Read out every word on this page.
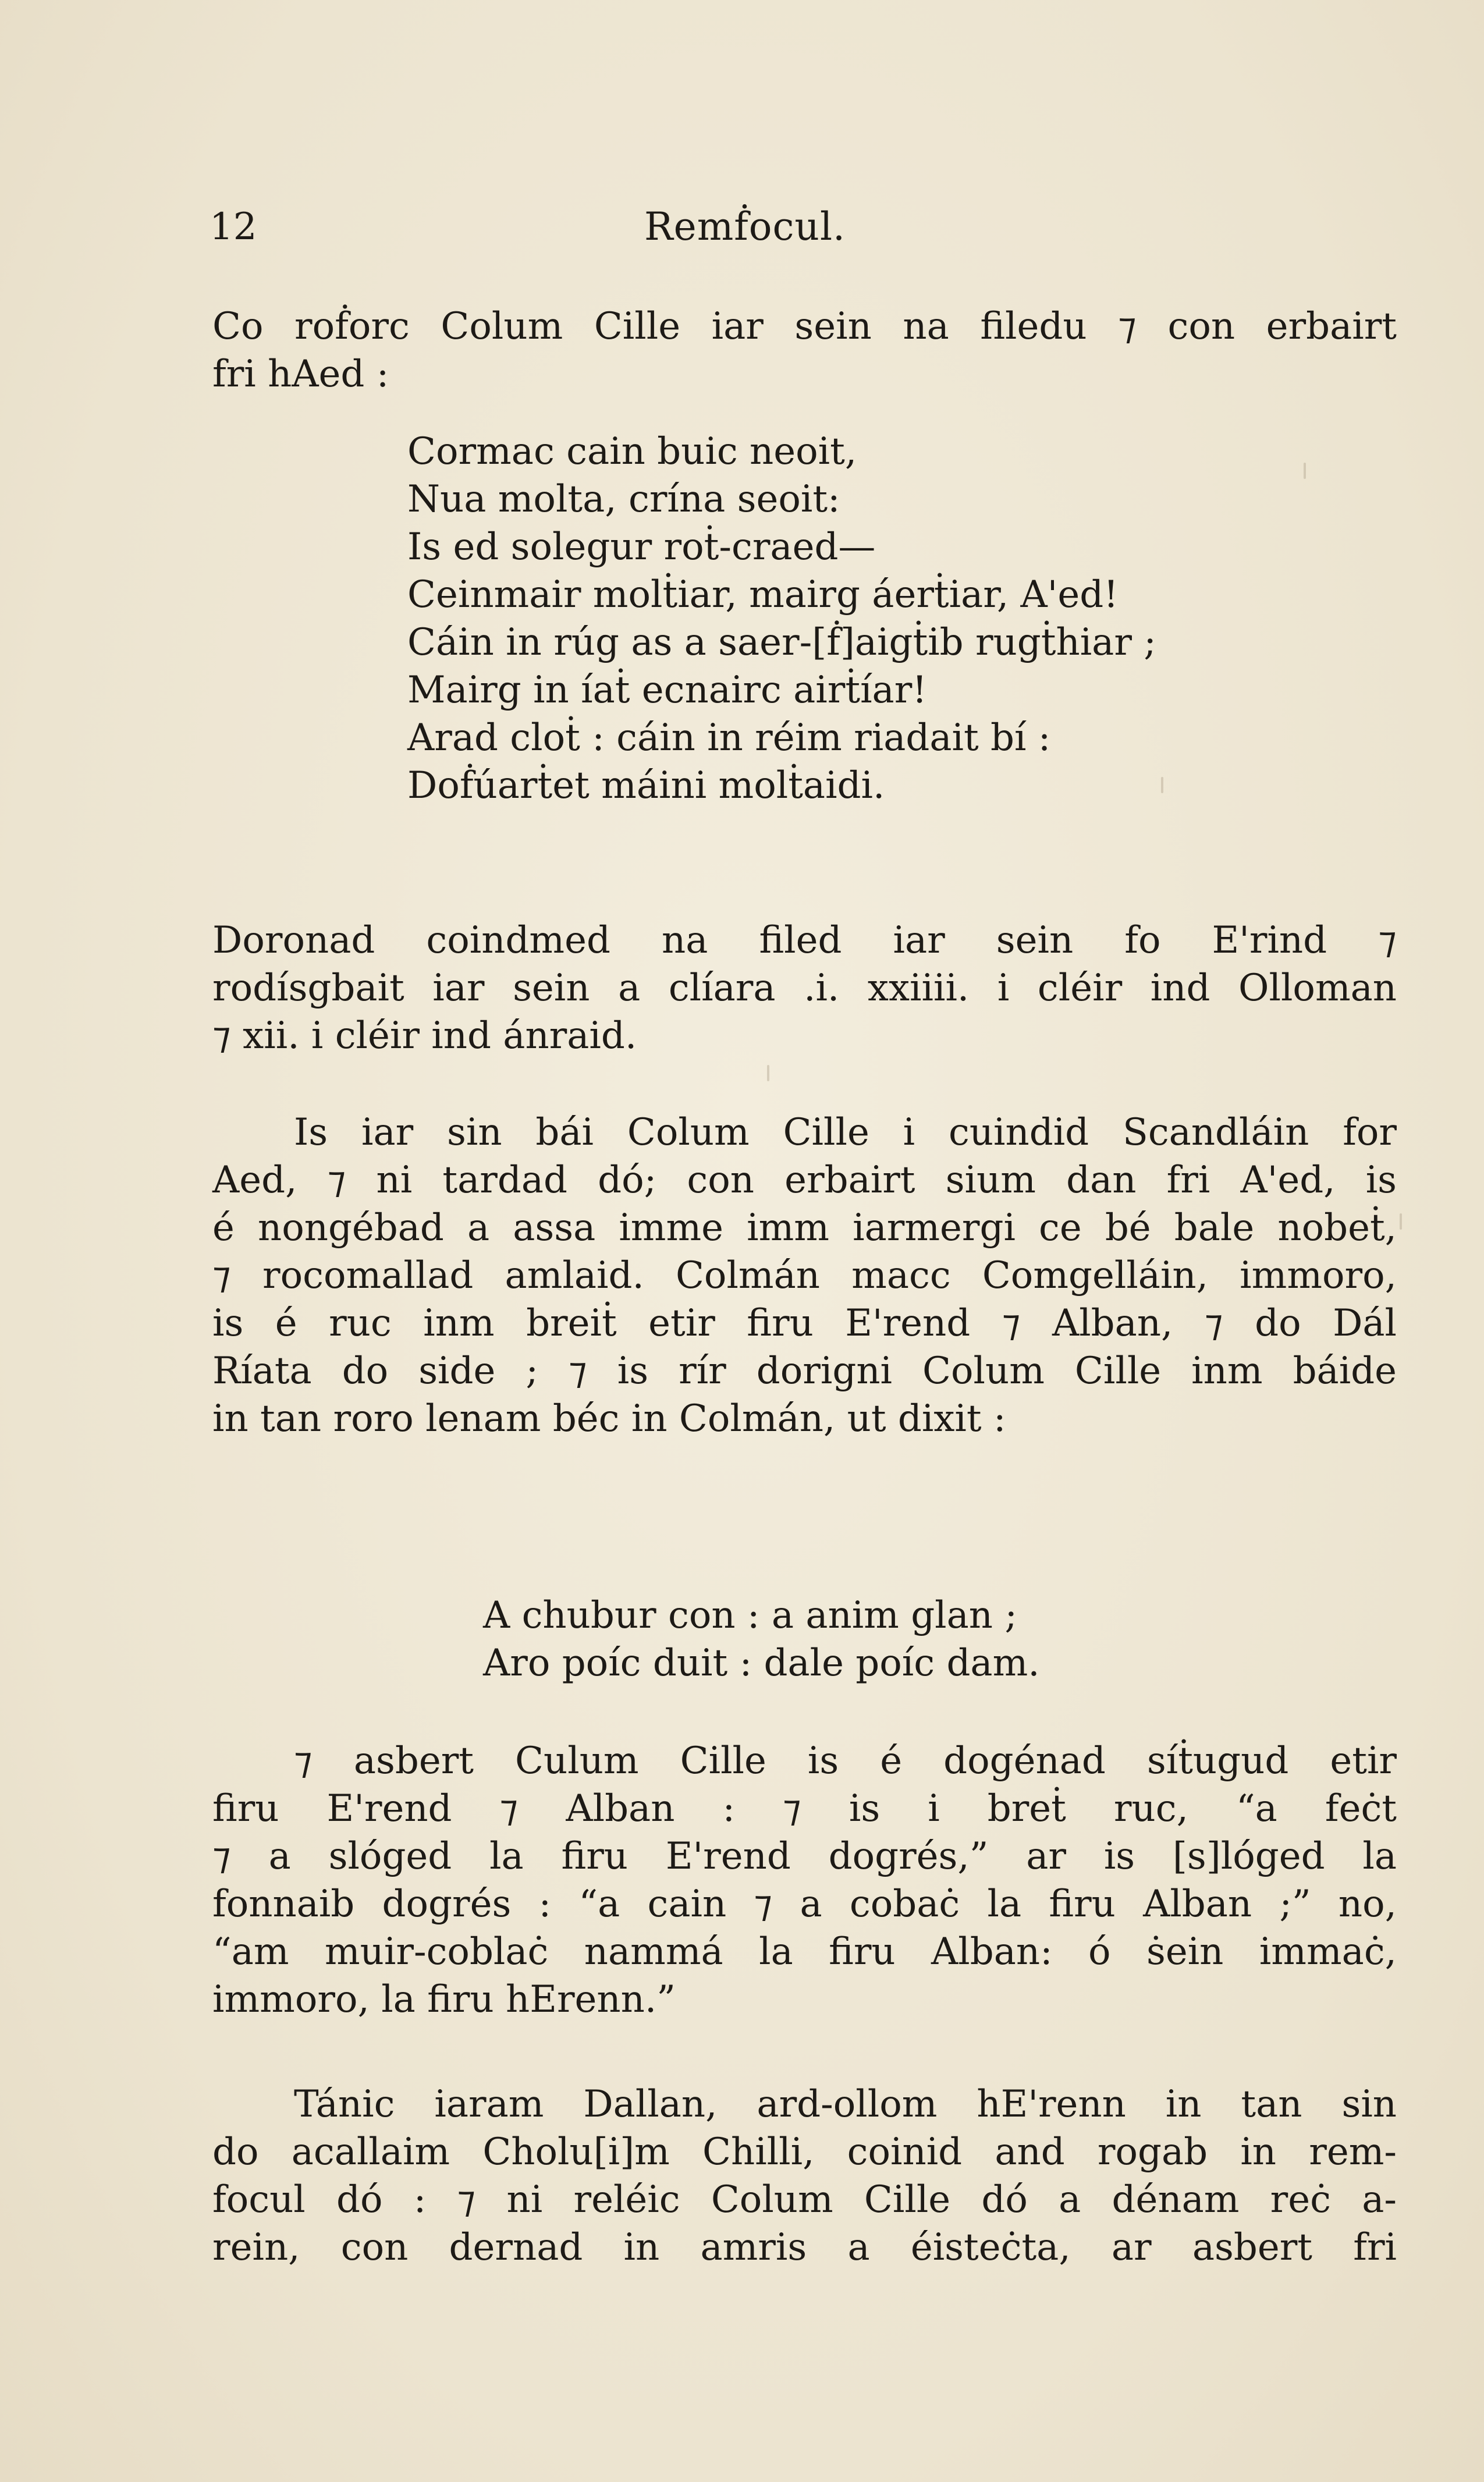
12	Remḟocul.
Co roḟorc Colum Cille iar sein na filedu ⁊ con erbairt
fri hAed :
Cormac cain buic neoit,
Nua molta, crína seoit:
Is ed solegur roṫ-craed—
Ceinmair molṫiar, mairg áerṫiar, A'ed!
Cáin in rúg as a saer-[ḟ]aigṫib rugṫhiar ;
Mairg in íaṫ ecnairc airṫíar!
Arad cloṫ : cáin in réim riadait bí :
Doḟúarṫet máini molṫaidi.
Doronad coindmed na filed iar sein fo E'rind ⁊
rodísgbait iar sein a clíara .i. xxiiii. i cléir ind Olloman
⁊ xii. i cléir ind ánraid.
Is iar sin bái Colum Cille i cuindid Scandláin for
Aed, ⁊ ni tardad dó; con erbairt sium dan fri A'ed, is
é nongébad a assa imme imm iarmergi ce bé bale nobeṫ,
⁊ rocomallad amlaid. Colmán macc Comgelláin, immoro,
is é ruc inm breiṫ etir firu E'rend ⁊ Alban, ⁊ do Dál
Ríata do side ; ⁊ is rír dorigni Colum Cille inm báide
in tan roro lenam béc in Colmán, ut dixit :
A chubur con : a anim glan ;
Aro poíc duit : dale poíc dam.
⁊ asbert Culum Cille is é dogénad síṫugud etir
firu E'rend ⁊ Alban : ⁊ is i breṫ ruc, “a feċt
⁊ a slóged la firu E'rend dogrés,” ar is [s]lóged la
fonnaib dogrés : “a cain ⁊ a cobaċ la firu Alban ;” no,
“am muir-coblaċ nammá la firu Alban: ó ṡein immaċ,
immoro, la firu hErenn.”
Tánic iaram Dallan, ard-ollom hE'renn in tan sin
do acallaim Cholu[i]m Chilli, coinid and rogab in rem-
focul dó : ⁊ ni reléic Colum Cille dó a dénam reċ a-
rein, con dernad in amris a éisteċta, ar asbert fri
